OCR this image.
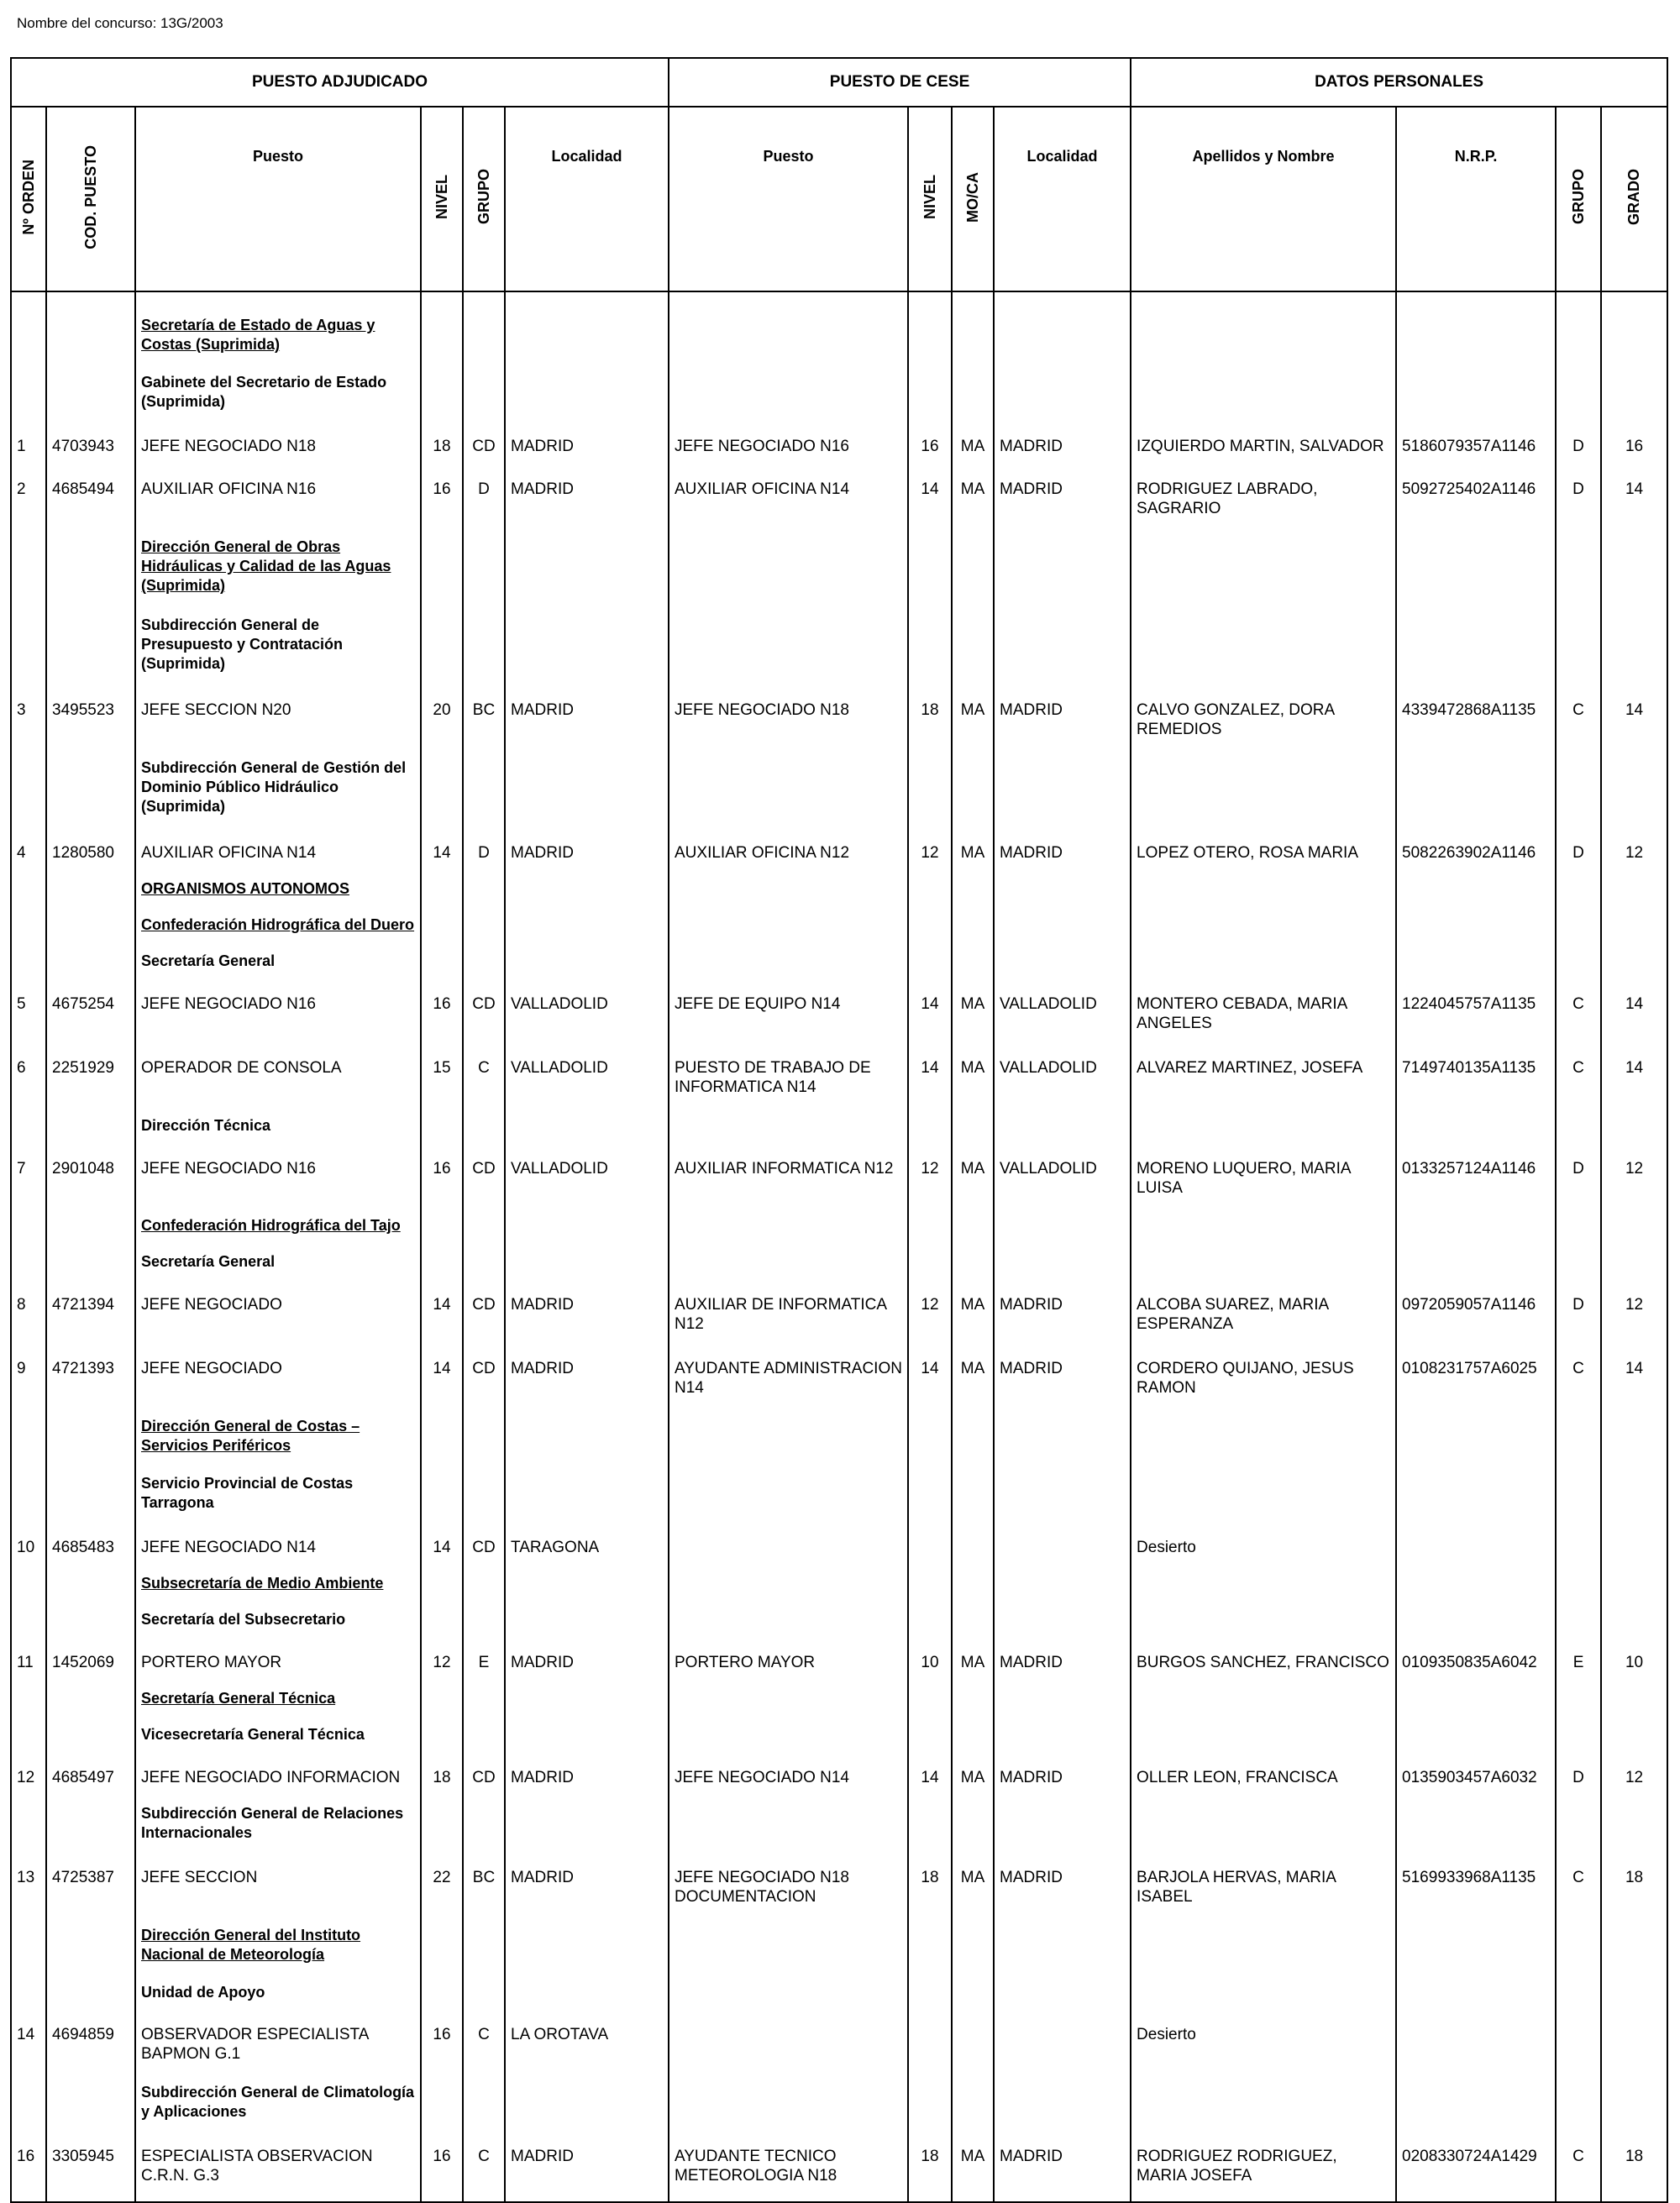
Nombre del concurso: 13G/2003
PUESTO ADJUDICADO						PUESTO DE CESE				DATOS PERSONALES			
Nº ORDEN	COD. PUESTO	Puesto	NIVEL	GRUPO	Localidad	Puesto	NIVEL	MO/CA	Localidad	Apellidos y Nombre	N.R.P.	GRUPO	GRADO

		Secretaría de Estado de Aguas y Costas (Suprimida)											
		Gabinete del Secretario de Estado (Suprimida)											
1	4703943	JEFE NEGOCIADO N18	18	CD	MADRID	JEFE NEGOCIADO N16	16	MA	MADRID	IZQUIERDO MARTIN, SALVADOR	5186079357A1146	D	16
2	4685494	AUXILIAR OFICINA N16	16	D	MADRID	AUXILIAR OFICINA N14	14	MA	MADRID	RODRIGUEZ LABRADO, SAGRARIO	5092725402A1146	D	14
		Dirección General de Obras Hidráulicas y Calidad de las Aguas (Suprimida)											
		Subdirección General de Presupuesto y Contratación (Suprimida)											
3	3495523	JEFE SECCION N20	20	BC	MADRID	JEFE NEGOCIADO N18	18	MA	MADRID	CALVO GONZALEZ, DORA REMEDIOS	4339472868A1135	C	14
		Subdirección General de Gestión del Dominio Público Hidráulico (Suprimida)											
4	1280580	AUXILIAR OFICINA N14	14	D	MADRID	AUXILIAR OFICINA N12	12	MA	MADRID	LOPEZ OTERO, ROSA MARIA	5082263902A1146	D	12
		ORGANISMOS AUTONOMOS											
		Confederación Hidrográfica del Duero											
		Secretaría General											
5	4675254	JEFE NEGOCIADO N16	16	CD	VALLADOLID	JEFE DE EQUIPO N14	14	MA	VALLADOLID	MONTERO CEBADA, MARIA ANGELES	1224045757A1135	C	14
6	2251929	OPERADOR DE CONSOLA	15	C	VALLADOLID	PUESTO DE TRABAJO DE INFORMATICA N14	14	MA	VALLADOLID	ALVAREZ MARTINEZ, JOSEFA	7149740135A1135	C	14
		Dirección Técnica											
7	2901048	JEFE NEGOCIADO N16	16	CD	VALLADOLID	AUXILIAR INFORMATICA N12	12	MA	VALLADOLID	MORENO LUQUERO, MARIA LUISA	0133257124A1146	D	12
		Confederación Hidrográfica del Tajo											
		Secretaría General											
8	4721394	JEFE NEGOCIADO	14	CD	MADRID	AUXILIAR DE INFORMATICA N12	12	MA	MADRID	ALCOBA SUAREZ, MARIA ESPERANZA	0972059057A1146	D	12
9	4721393	JEFE NEGOCIADO	14	CD	MADRID	AYUDANTE ADMINISTRACION N14	14	MA	MADRID	CORDERO QUIJANO, JESUS RAMON	0108231757A6025	C	14
		Dirección General de Costas – Servicios Periféricos											
		Servicio Provincial de Costas Tarragona											
10	4685483	JEFE NEGOCIADO N14	14	CD	TARAGONA					Desierto			
		Subsecretaría de Medio Ambiente											
		Secretaría del Subsecretario											
11	1452069	PORTERO MAYOR	12	E	MADRID	PORTERO MAYOR	10	MA	MADRID	BURGOS SANCHEZ, FRANCISCO	0109350835A6042	E	10
		Secretaría General Técnica											
		Vicesecretaría General Técnica											
12	4685497	JEFE NEGOCIADO INFORMACION	18	CD	MADRID	JEFE NEGOCIADO N14	14	MA	MADRID	OLLER LEON, FRANCISCA	0135903457A6032	D	12
		Subdirección General de Relaciones Internacionales											
13	4725387	JEFE SECCION	22	BC	MADRID	JEFE NEGOCIADO N18 DOCUMENTACION	18	MA	MADRID	BARJOLA HERVAS, MARIA ISABEL	5169933968A1135	C	18
		Dirección General del Instituto Nacional de Meteorología											
		Unidad de Apoyo											
14	4694859	OBSERVADOR ESPECIALISTA BAPMON G.1	16	C	LA OROTAVA					Desierto			
		Subdirección General de Climatología y Aplicaciones											
16	3305945	ESPECIALISTA OBSERVACION C.R.N. G.3	16	C	MADRID	AYUDANTE TECNICO METEOROLOGIA N18	18	MA	MADRID	RODRIGUEZ RODRIGUEZ, MARIA JOSEFA	0208330724A1429	C	18
